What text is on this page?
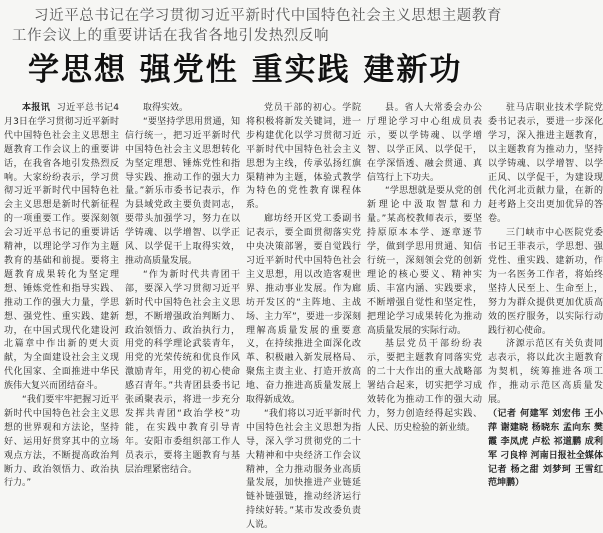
习近平总书记在学习贯彻习近平新时代中国特色社会主义思想主题教育
工作会议上的重要讲话在我省各地引发热烈反响
学思想 强党性 重实践 建新功

本报讯 习近平总书记4月3日在学习贯彻习近平新时代中国特色社会主义思想主题教育工作会议上的重要讲话，在我省各地引发热烈反响。大家纷纷表示，学习贯彻习近平新时代中国特色社会主义思想是新时代新征程的一项重要工作。要深刻领会习近平总书记的重要讲话精神，以理论学习作为主题教育的基础和前提。要将主题教育成果转化为坚定理想、锤炼党性和指导实践、推动工作的强大力量，学思想、强党性、重实践、建新功，在中国式现代化建设河北篇章中作出新的更大贡献，为全面建设社会主义现代化国家、全面推进中华民族伟大复兴而团结奋斗。

“我们要牢牢把握习近平新时代中国特色社会主义思想的世界观和方法论，坚持好、运用好贯穿其中的立场观点方法，不断提高政治判断力、政治领悟力、政治执行力。”

取得实效。

“要坚持学思用贯通，知信行统一，把习近平新时代中国特色社会主义思想转化为坚定理想、锤炼党性和指导实践、推动工作的强大力量。”新乐市委书记表示，作为县域党政主要负责同志，要带头加强学习，努力在以学铸魂、以学增智、以学正风、以学促干上取得实效，推动高质量发展。

“作为新时代共青团干部，要深入学习贯彻习近平新时代中国特色社会主义思想，不断增强政治判断力、政治领悟力、政治执行力，用党的科学理论武装青年，用党的光荣传统和优良作风激励青年，用党的初心使命感召青年。”共青团县委书记张函聚表示，将进一步充分发挥共青团“政治学校”功能，在实践中教育引导青年。安阳市委组织部工作人员表示，要将主题教育与基层治理紧密结合。

党员干部的初心。学院将积极将新发关键词，进一步构建优化以学习贯彻习近平新时代中国特色社会主义思想为主线，传承弘扬红旗渠精神为主题，体验式教学为特色的党性教育课程体系。

廊坊经开区党工委副书记表示，要全面贯彻落实党中央决策部署，要自觉践行习近平新时代中国特色社会主义思想，用以改造客观世界、推动事业发展。作为廊坊开发区的“主阵地、主战场、主力军”，要进一步深刻理解高质量发展的重要意义，在持续推进全面深化改革、积极融入新发展格局、聚焦主责主业、打造开放高地、奋力推进高质量发展上取得新成效。

“我们将以习近平新时代中国特色社会主义思想为指导，深入学习贯彻党的二十大精神和中央经济工作会议精神，全力推动服务业高质量发展，加快推进产业链延链补链强链，推动经济运行持续好转。”某市发改委负责人说。

县。省人大常委会办公厅理论学习中心组成员表示，要以学铸魂、以学增智、以学正风、以学促干，在学深悟透、融会贯通、真信笃行上下功夫。

“学思想就是要从党的创新理论中汲取智慧和力量。”某高校教师表示，要坚持原原本本学、逐章逐节学，做到学思用贯通、知信行统一，深刻领会党的创新理论的核心要义、精神实质、丰富内涵、实践要求，不断增强自觉性和坚定性，把理论学习成果转化为推动高质量发展的实际行动。

基层党员干部纷纷表示，要把主题教育同落实党的二十大作出的重大战略部署结合起来，切实把学习成效转化为推动工作的强大动力，努力创造经得起实践、人民、历史检验的新业绩。

驻马店职业技术学院党委书记表示，要进一步深化学习，深入推进主题教育，以主题教育为推动力，坚持以学铸魂、以学增智、以学正风、以学促干，为建设现代化河北贡献力量，在新的赶考路上交出更加优异的答卷。

三门峡市中心医院党委书记王菲表示，学思想、强党性、重实践、建新功，作为一名医务工作者，将始终坚持人民至上、生命至上，努力为群众提供更加优质高效的医疗服务，以实际行动践行初心使命。

济源示范区有关负责同志表示，将以此次主题教育为契机，统筹推进各项工作，推动示范区高质量发展。

（记者 何建军 刘宏伟 王小萍 谢建晓 杨晓东 孟向东 樊霞 李凤虎 卢松 祁道鹏 成利军 刁良梓 河南日报社全媒体记者 杨之甜 刘梦珂 王雪红 范坤鹏）
